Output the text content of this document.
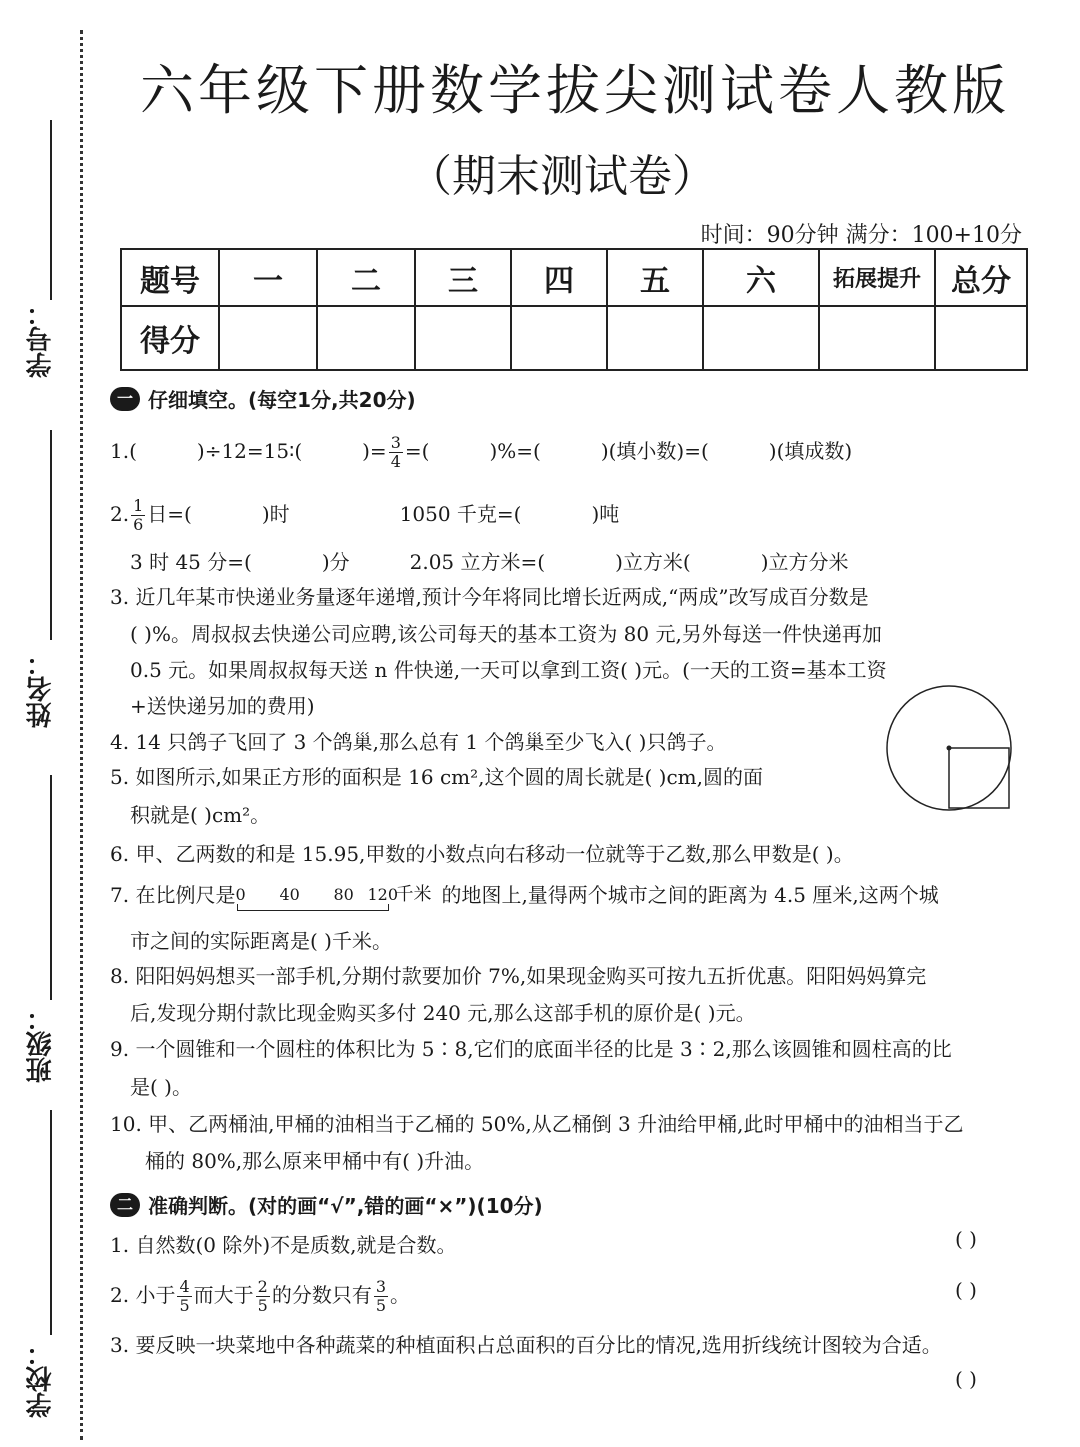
学号：
姓名：
班级：
学校：
六年级下册数学拔尖测试卷人教版
（期末测试卷）
时间：90分钟 满分：100+10分
题号	一	二	三	四	五	六	拓展提升	总分
得分								
一 仔细填空。(每空1分,共20分)
1.(	)÷12=15∶(	)= $\frac{3}{4}$ =(	)%=(	)(填小数)=(	)(填成数)
2. $\frac{1}{6}$ 日=(	)时	1050 千克=(	)吨
3 时 45 分=(	)分	2.05 立方米=(	)立方米(	)立方分米
3. 近几年某市快递业务量逐年递增,预计今年将同比增长近两成,“两成”改写成百分数是
( )%。周叔叔去快递公司应聘,该公司每天的基本工资为 80 元,另外每送一件快递再加
0.5 元。如果周叔叔每天送 n 件快递,一天可以拿到工资( )元。(一天的工资=基本工资
+送快递另加的费用)
4. 14 只鸽子飞回了 3 个鸽巢,那么总有 1 个鸽巢至少飞入( )只鸽子。
5. 如图所示,如果正方形的面积是 16 cm²,这个圆的周长就是( )cm,圆的面
积就是( )cm²。
6. 甲、乙两数的和是 15.95,甲数的小数点向右移动一位就等于乙数,那么甲数是( )。
7. 在比例尺是 0 40 80 120
千米 的地图上,量得两个城市之间的距离为 4.5 厘米,这两个城
市之间的实际距离是( )千米。
8. 阳阳妈妈想买一部手机,分期付款要加价 7%,如果现金购买可按九五折优惠。阳阳妈妈算完
后,发现分期付款比现金购买多付 240 元,那么这部手机的原价是( )元。
9. 一个圆锥和一个圆柱的体积比为 5∶8,它们的底面半径的比是 3∶2,那么该圆锥和圆柱高的比
是( )。
10. 甲、乙两桶油,甲桶的油相当于乙桶的 50%,从乙桶倒 3 升油给甲桶,此时甲桶中的油相当于乙
桶的 80%,那么原来甲桶中有( )升油。
二 准确判断。(对的画“√”,错的画“×”)(10分)
1. 自然数(0 除外)不是质数,就是合数。	( )
2. 小于 $\frac{4}{5}$ 而大于 $\frac{2}{5}$ 的分数只有 $\frac{3}{5}$ 。	( )
3. 要反映一块菜地中各种蔬菜的种植面积占总面积的百分比的情况,选用折线统计图较为合适。
( )
